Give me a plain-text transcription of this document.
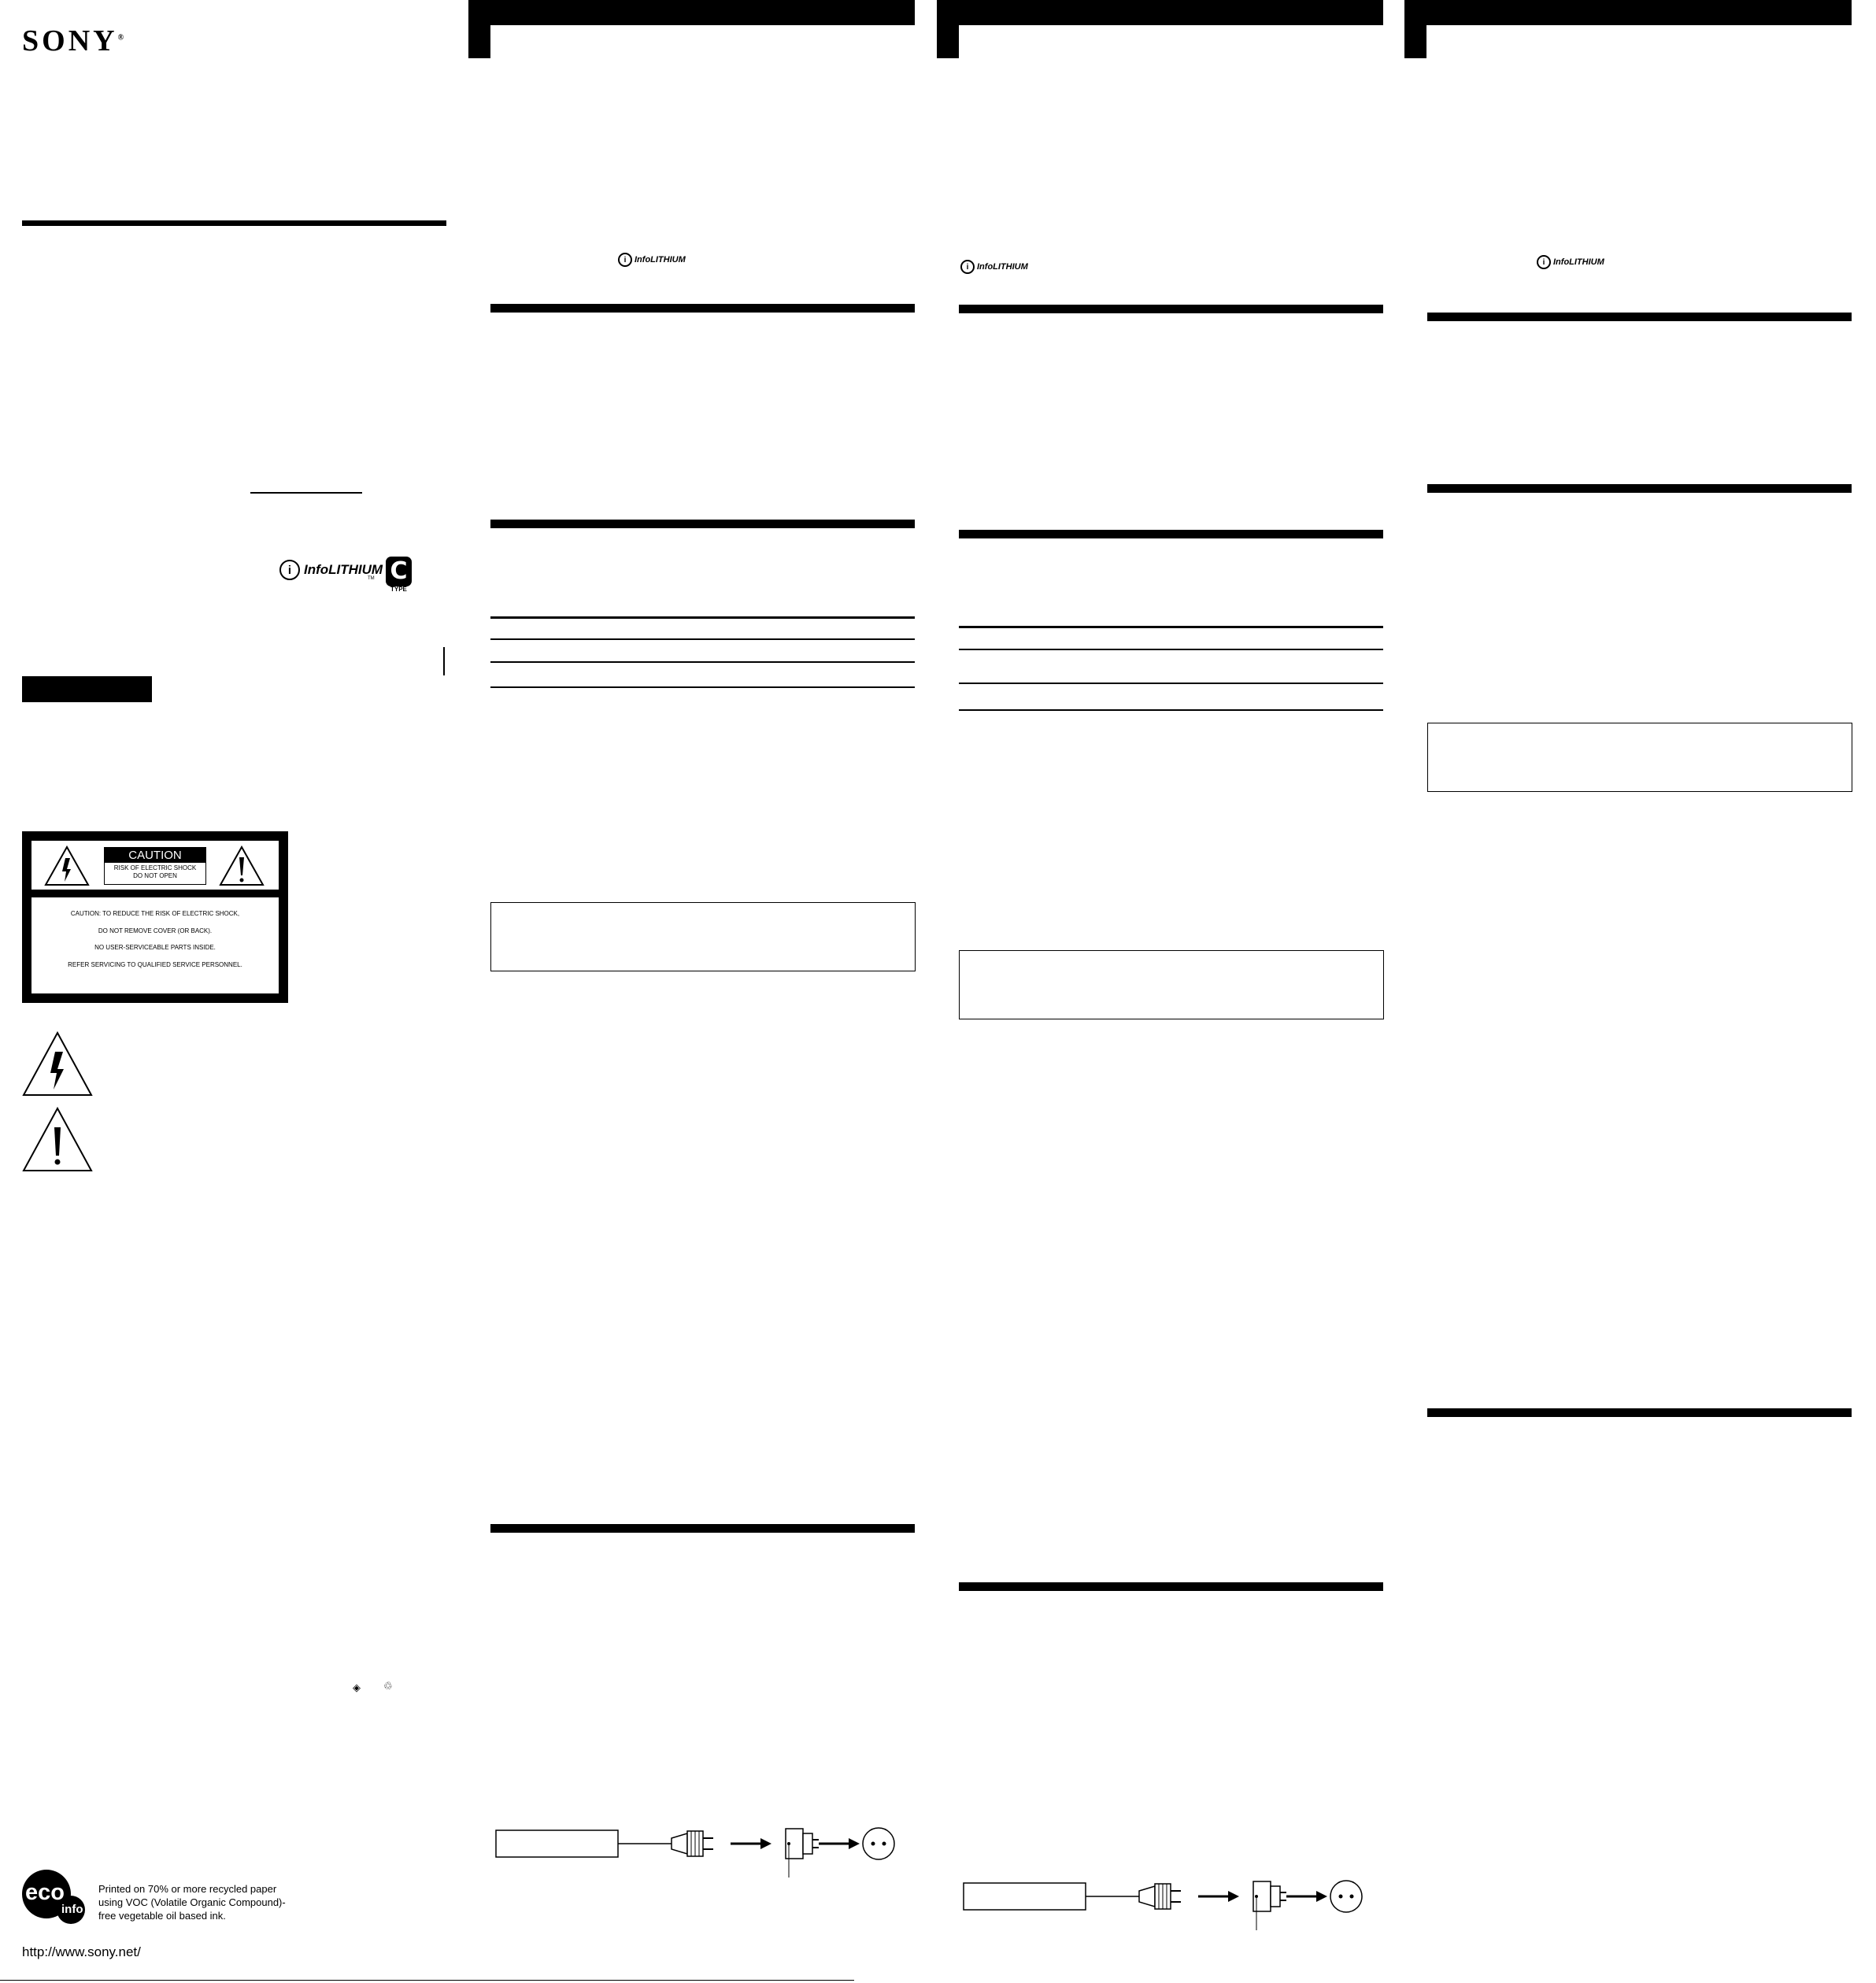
SONY®
i InfoLITHIUM
TM C
TYPE
CAUTION
RISK OF ELECTRIC SHOCK
DO NOT OPEN
CAUTION: TO REDUCE THE RISK OF ELECTRIC SHOCK,
DO NOT REMOVE COVER (OR BACK).
NO USER-SERVICEABLE PARTS INSIDE.
REFER SERVICING TO QUALIFIED SERVICE PERSONNEL.
◈ ♲
eco
info
Printed on 70% or more recycled paper
using VOC (Volatile Organic Compound)-
free vegetable oil based ink.
http://www.sony.net/
i InfoLITHIUM
i InfoLITHIUM	i InfoLITHIUM
